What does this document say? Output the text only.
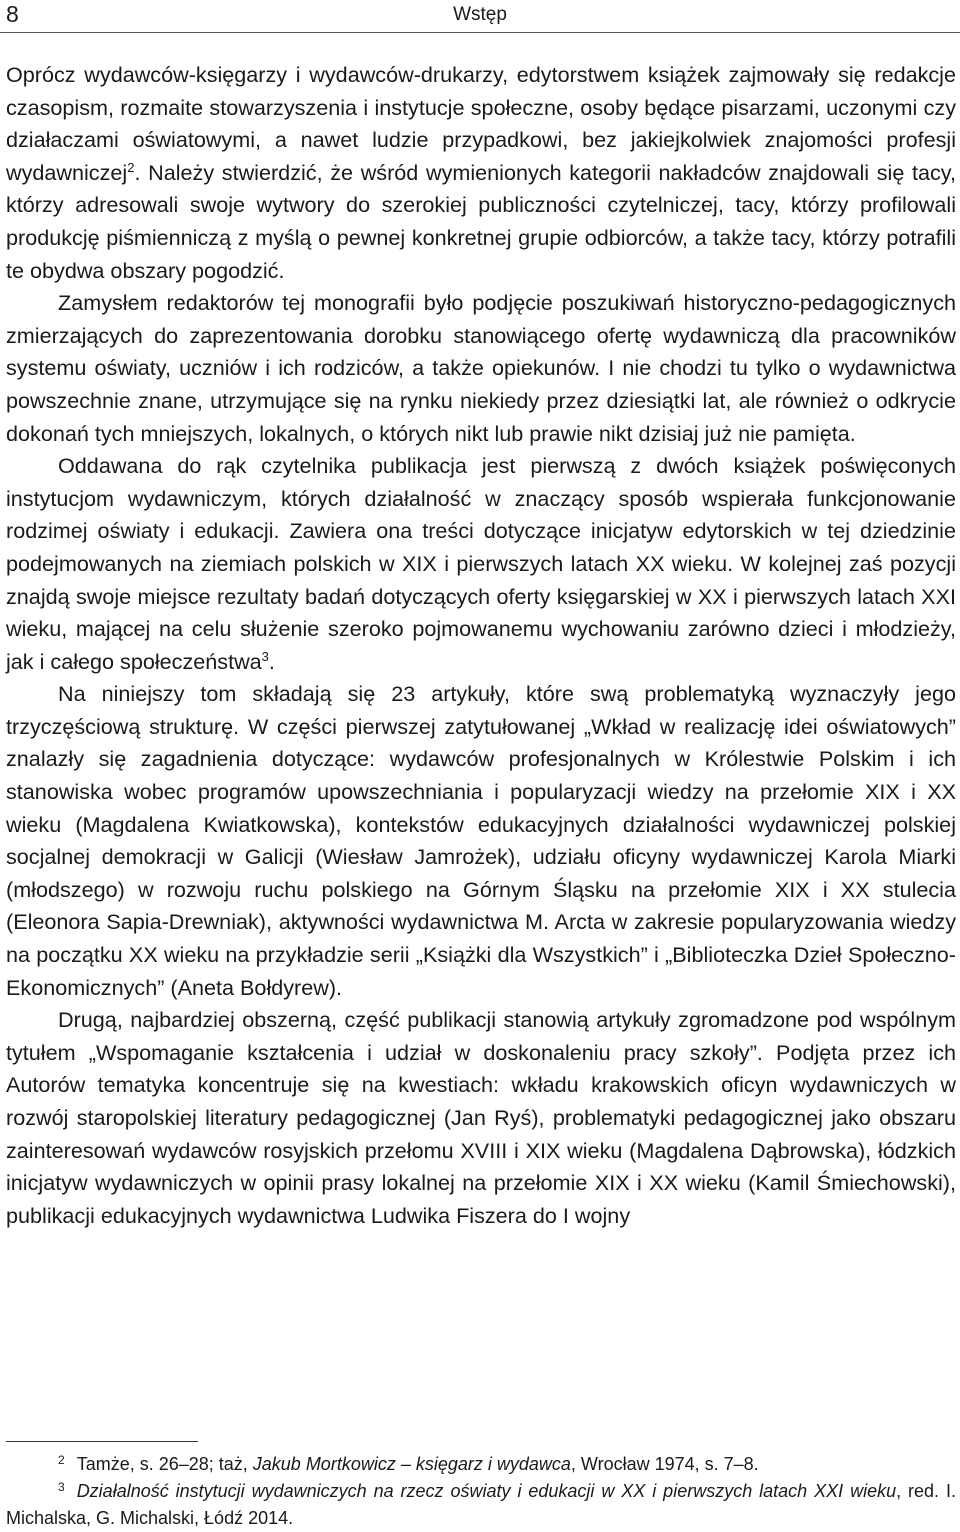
8	Wstęp

Oprócz wydawców-księgarzy i wydawców-drukarzy, edytorstwem książek zajmowały się redakcje czasopism, rozmaite stowarzyszenia i instytucje społeczne, osoby będące pisarzami, uczonymi czy działaczami oświatowymi, a nawet ludzie przypadkowi, bez jakiejkolwiek znajomości profesji wydawniczej$^2$. Należy stwierdzić, że wśród wymienionych kategorii nakładców znajdowali się tacy, którzy adresowali swoje wytwory do szerokiej publiczności czytelniczej, tacy, którzy profilowali produkcję piśmienniczą z myślą o pewnej konkretnej grupie odbiorców, a także tacy, którzy potrafili te obydwa obszary pogodzić.

Zamysłem redaktorów tej monografii było podjęcie poszukiwań historyczno-pedagogicznych zmierzających do zaprezentowania dorobku stanowiącego ofertę wydawniczą dla pracowników systemu oświaty, uczniów i ich rodziców, a także opiekunów. I nie chodzi tu tylko o wydawnictwa powszechnie znane, utrzymujące się na rynku niekiedy przez dziesiątki lat, ale również o odkrycie dokonań tych mniejszych, lokalnych, o których nikt lub prawie nikt dzisiaj już nie pamięta.

Oddawana do rąk czytelnika publikacja jest pierwszą z dwóch książek poświęconych instytucjom wydawniczym, których działalność w znaczący sposób wspierała funkcjonowanie rodzimej oświaty i edukacji. Zawiera ona treści dotyczące inicjatyw edytorskich w tej dziedzinie podejmowanych na ziemiach polskich w XIX i pierwszych latach XX wieku. W kolejnej zaś pozycji znajdą swoje miejsce rezultaty badań dotyczących oferty księgarskiej w XX i pierwszych latach XXI wieku, mającej na celu służenie szeroko pojmowanemu wychowaniu zarówno dzieci i młodzieży, jak i całego społeczeństwa$^3$.

Na niniejszy tom składają się 23 artykuły, które swą problematyką wyznaczyły jego trzyczęściową strukturę. W części pierwszej zatytułowanej „Wkład w realizację idei oświatowych” znalazły się zagadnienia dotyczące: wydawców profesjonalnych w Królestwie Polskim i ich stanowiska wobec programów upowszechniania i popularyzacji wiedzy na przełomie XIX i XX wieku (Magdalena Kwiatkowska), kontekstów edukacyjnych działalności wydawniczej polskiej socjalnej demokracji w Galicji (Wiesław Jamrożek), udziału oficyny wydawniczej Karola Miarki (młodszego) w rozwoju ruchu polskiego na Górnym Śląsku na przełomie XIX i XX stulecia (Eleonora Sapia-Drewniak), aktywności wydawnictwa M. Arcta w zakresie popularyzowania wiedzy na początku XX wieku na przykładzie serii „Książki dla Wszystkich” i „Biblioteczka Dzieł Społeczno-Ekonomicznych” (Aneta Bołdyrew).

Drugą, najbardziej obszerną, część publikacji stanowią artykuły zgromadzone pod wspólnym tytułem „Wspomaganie kształcenia i udział w doskonaleniu pracy szkoły”. Podjęta przez ich Autorów tematyka koncentruje się na kwestiach: wkładu krakowskich oficyn wydawniczych w rozwój staropolskiej literatury pedagogicznej (Jan Ryś), problematyki pedagogicznej jako obszaru zainteresowań wydawców rosyjskich przełomu XVIII i XIX wieku (Magdalena Dąbrowska), łódzkich inicjatyw wydawniczych w opinii prasy lokalnej na przełomie XIX i XX wieku (Kamil Śmiechowski), publikacji edukacyjnych wydawnictwa Ludwika Fiszera do I wojny

$^2$ Tamże, s. 26–28; taż, Jakub Mortkowicz – księgarz i wydawca, Wrocław 1974, s. 7–8.

$^3$ Działalność instytucji wydawniczych na rzecz oświaty i edukacji w XX i pierwszych latach XXI wieku, red. I. Michalska, G. Michalski, Łódź 2014.
